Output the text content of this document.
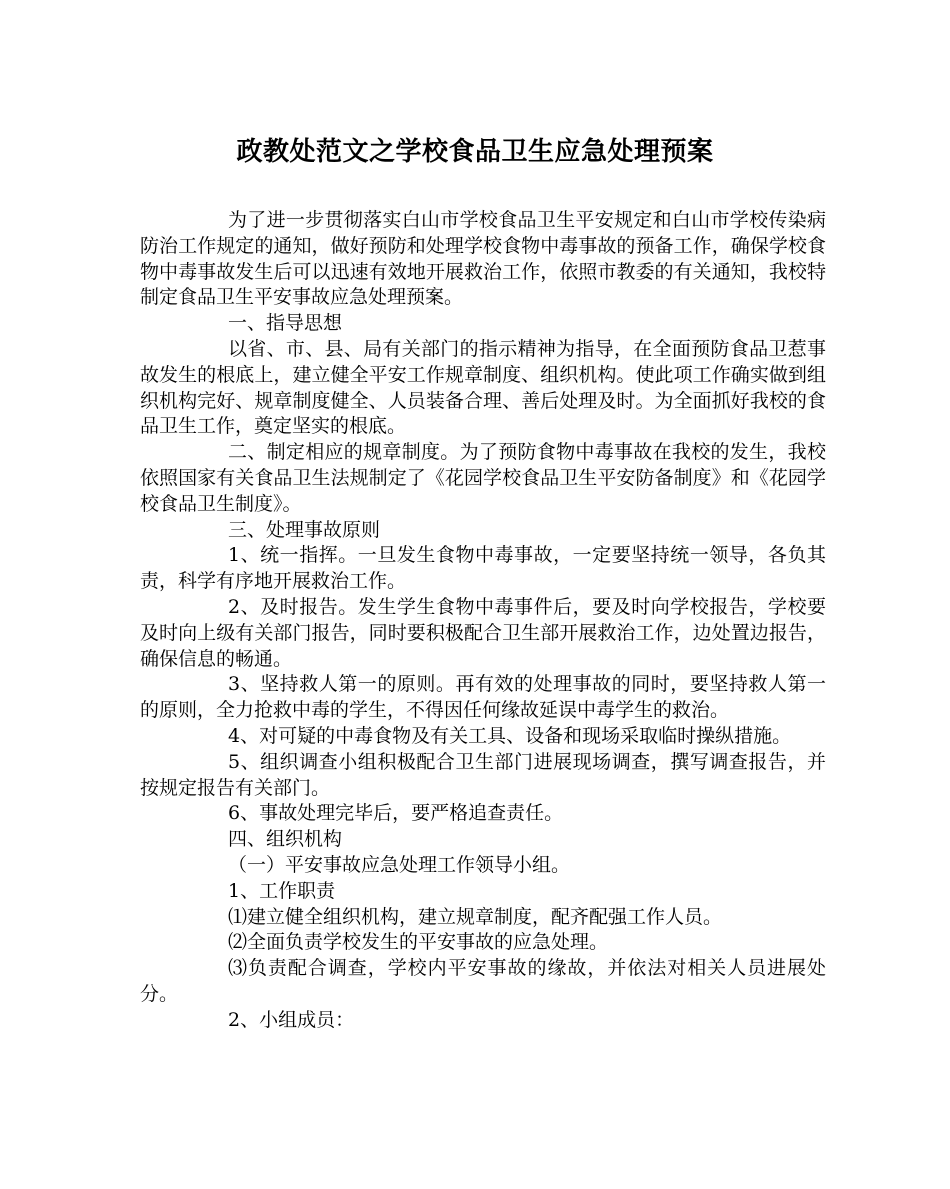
政教处范文之学校食品卫生应急处理预案

为了进一步贯彻落实白山市学校食品卫生平安规定和白山市学校传染病防治工作规定的通知，做好预防和处理学校食物中毒事故的预备工作，确保学校食物中毒事故发生后可以迅速有效地开展救治工作，依照市教委的有关通知，我校特制定食品卫生平安事故应急处理预案。

一、指导思想

以省、市、县、局有关部门的指示精神为指导，在全面预防食品卫惹事故发生的根底上，建立健全平安工作规章制度、组织机构。使此项工作确实做到组织机构完好、规章制度健全、人员装备合理、善后处理及时。为全面抓好我校的食品卫生工作，奠定坚实的根底。

二、制定相应的规章制度。为了预防食物中毒事故在我校的发生，我校依照国家有关食品卫生法规制定了《花园学校食品卫生平安防备制度》和《花园学校食品卫生制度》。

三、处理事故原则

1、统一指挥。一旦发生食物中毒事故，一定要坚持统一领导，各负其责，科学有序地开展救治工作。

2、及时报告。发生学生食物中毒事件后，要及时向学校报告，学校要及时向上级有关部门报告，同时要积极配合卫生部开展救治工作，边处置边报告，确保信息的畅通。

3、坚持救人第一的原则。再有效的处理事故的同时，要坚持救人第一的原则，全力抢救中毒的学生，不得因任何缘故延误中毒学生的救治。

4、对可疑的中毒食物及有关工具、设备和现场采取临时操纵措施。

5、组织调查小组积极配合卫生部门进展现场调查，撰写调查报告，并按规定报告有关部门。

6、事故处理完毕后，要严格追查责任。

四、组织机构

（一）平安事故应急处理工作领导小组。

1、工作职责

⑴建立健全组织机构，建立规章制度，配齐配强工作人员。

⑵全面负责学校发生的平安事故的应急处理。

⑶负责配合调查，学校内平安事故的缘故，并依法对相关人员进展处分。

2、小组成员：
